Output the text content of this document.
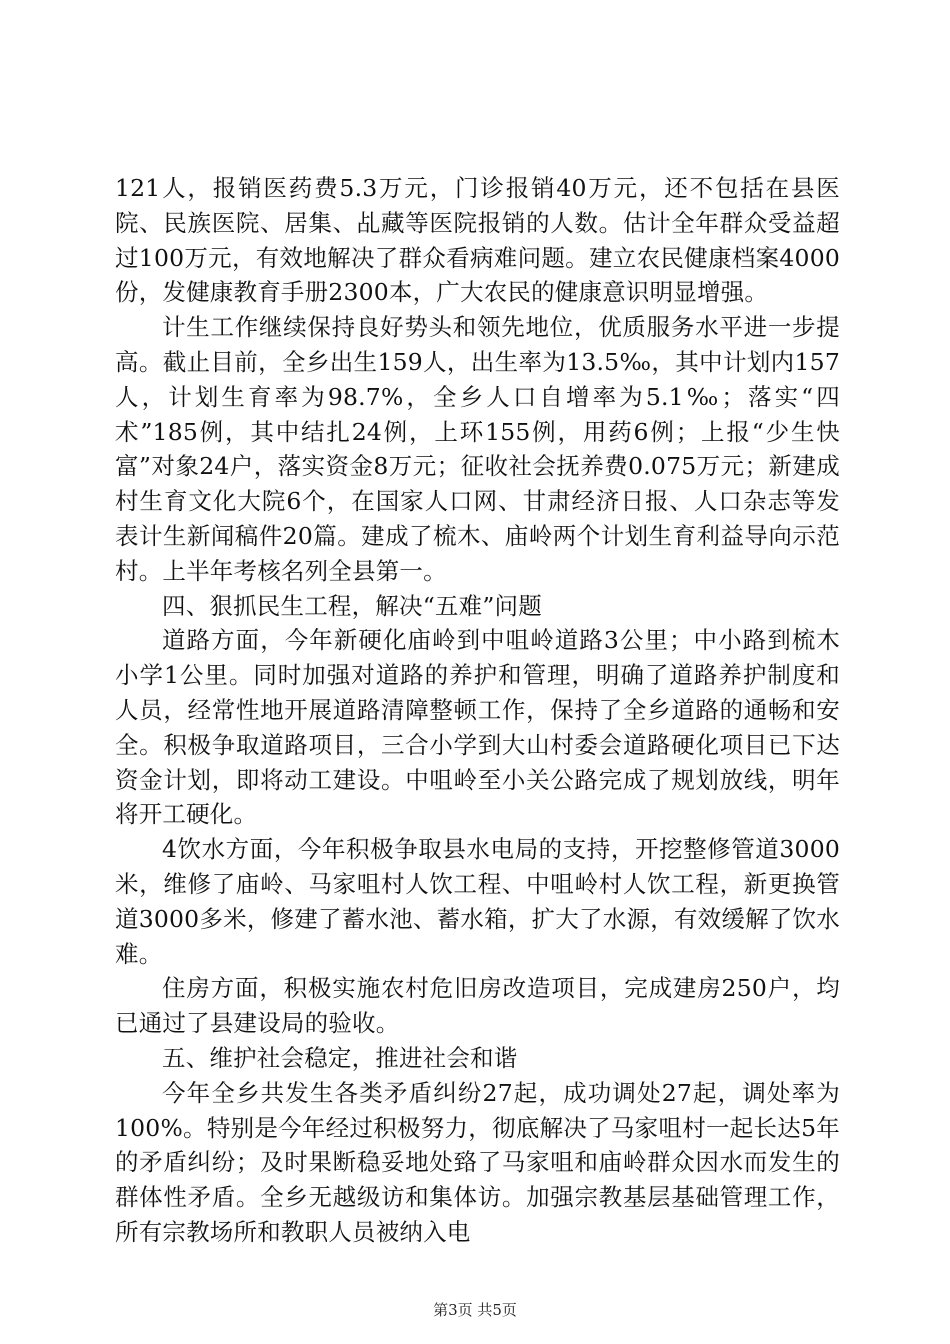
121人，报销医药费5.3万元，门诊报销40万元，还不包括在县医院、民族医院、居集、乩藏等医院报销的人数。估计全年群众受益超过100万元，有效地解决了群众看病难问题。建立农民健康档案4000份，发健康教育手册2300本，广大农民的健康意识明显增强。

计生工作继续保持良好势头和领先地位，优质服务水平进一步提高。截止目前，全乡出生159人，出生率为13.5‰，其中计划内157人，计划生育率为98.7%，全乡人口自增率为5.1‰；落实“四术”185例，其中结扎24例，上环155例，用药6例；上报“少生快富”对象24户，落实资金8万元；征收社会抚养费0.075万元；新建成村生育文化大院6个，在国家人口网、甘肃经济日报、人口杂志等发表计生新闻稿件20篇。建成了梳木、庙岭两个计划生育利益导向示范村。上半年考核名列全县第一。

四、狠抓民生工程，解决“五难”问题

道路方面，今年新硬化庙岭到中咀岭道路3公里；中小路到梳木小学1公里。同时加强对道路的养护和管理，明确了道路养护制度和人员，经常性地开展道路清障整顿工作，保持了全乡道路的通畅和安全。积极争取道路项目，三合小学到大山村委会道路硬化项目已下达资金计划，即将动工建设。中咀岭至小关公路完成了规划放线，明年将开工硬化。

4饮水方面，今年积极争取县水电局的支持，开挖整修管道3000米，维修了庙岭、马家咀村人饮工程、中咀岭村人饮工程，新更换管道3000多米，修建了蓄水池、蓄水箱，扩大了水源，有效缓解了饮水难。

住房方面，积极实施农村危旧房改造项目，完成建房250户，均已通过了县建设局的验收。

五、维护社会稳定，推进社会和谐

今年全乡共发生各类矛盾纠纷27起，成功调处27起，调处率为100%。特别是今年经过积极努力，彻底解决了马家咀村一起长达5年的矛盾纠纷；及时果断稳妥地处臵了马家咀和庙岭群众因水而发生的群体性矛盾。全乡无越级访和集体访。加强宗教基层基础管理工作，所有宗教场所和教职人员被纳入电

第3页 共5页
